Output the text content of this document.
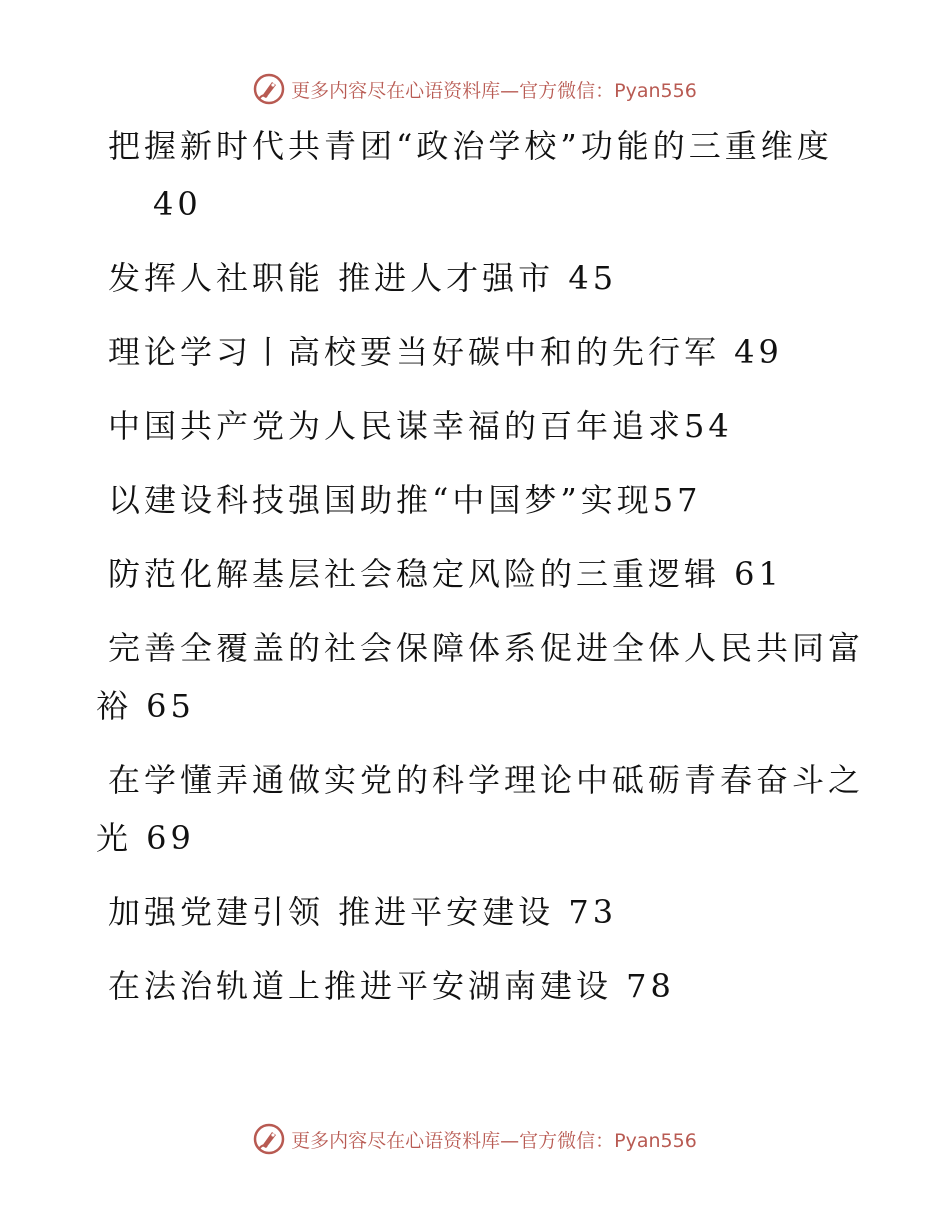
更多内容尽在心语资料库—官方微信：Pyan556
把握新时代共青团“政治学校”功能的三重维度
40
发挥人社职能 推进人才强市 45
理论学习丨高校要当好碳中和的先行军 49
中国共产党为人民谋幸福的百年追求54
以建设科技强国助推“中国梦”实现57
防范化解基层社会稳定风险的三重逻辑 61
完善全覆盖的社会保障体系促进全体人民共同富
裕 65
在学懂弄通做实党的科学理论中砥砺青春奋斗之
光 69
加强党建引领 推进平安建设 73
在法治轨道上推进平安湖南建设 78
更多内容尽在心语资料库—官方微信：Pyan556
